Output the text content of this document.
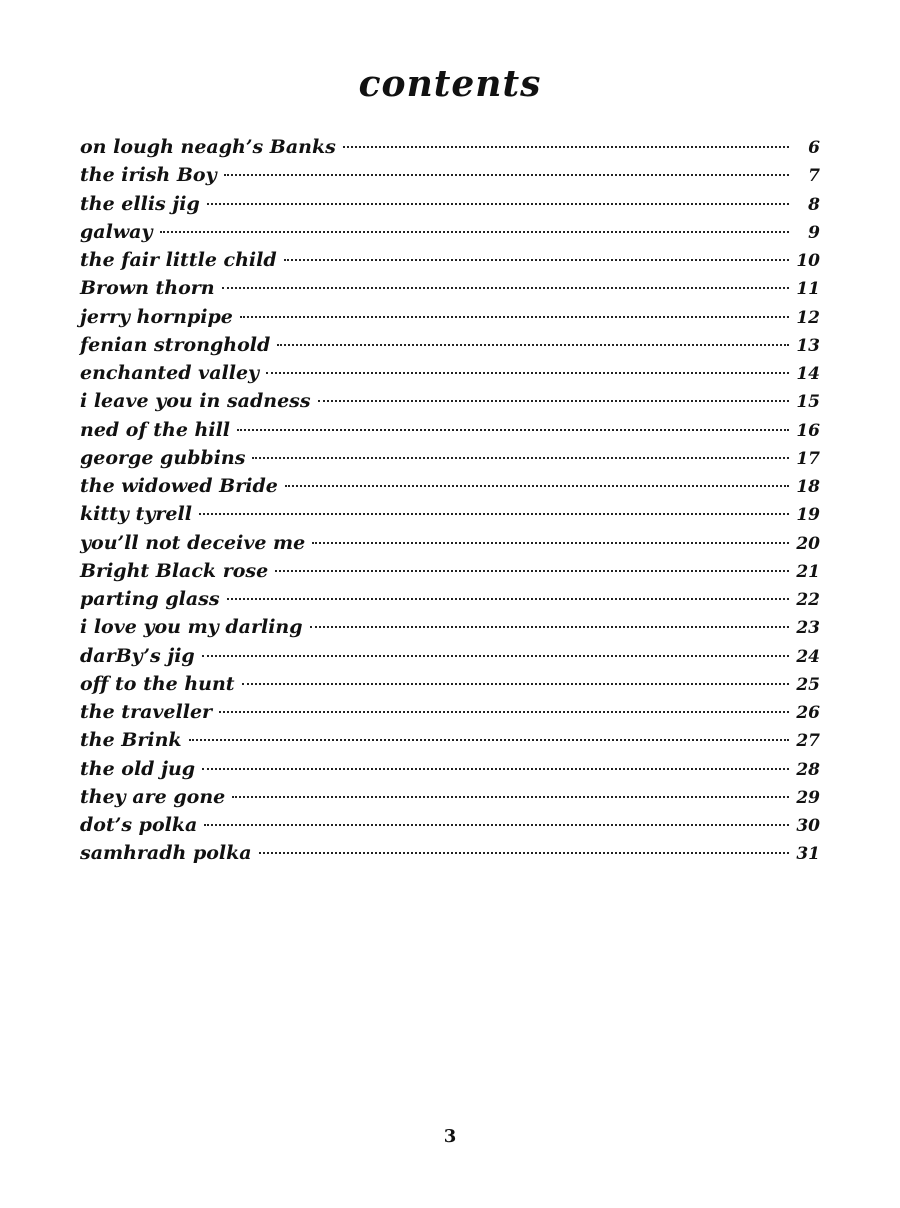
contents
on lough neagh’s Banks	6
the irish Boy	7
the ellis jig	8
galway	9
the fair little child	10
Brown thorn	11
jerry hornpipe	12
fenian stronghold	13
enchanted valley	14
i leave you in sadness	15
ned of the hill	16
george gubbins	17
the widowed Bride	18
kitty tyrell	19
you’ll not deceive me	20
Bright Black rose	21
parting glass	22
i love you my darling	23
darBy’s jig	24
off to the hunt	25
the traveller	26
the Brink	27
the old jug	28
they are gone	29
dot’s polka	30
samhradh polka	31
3
